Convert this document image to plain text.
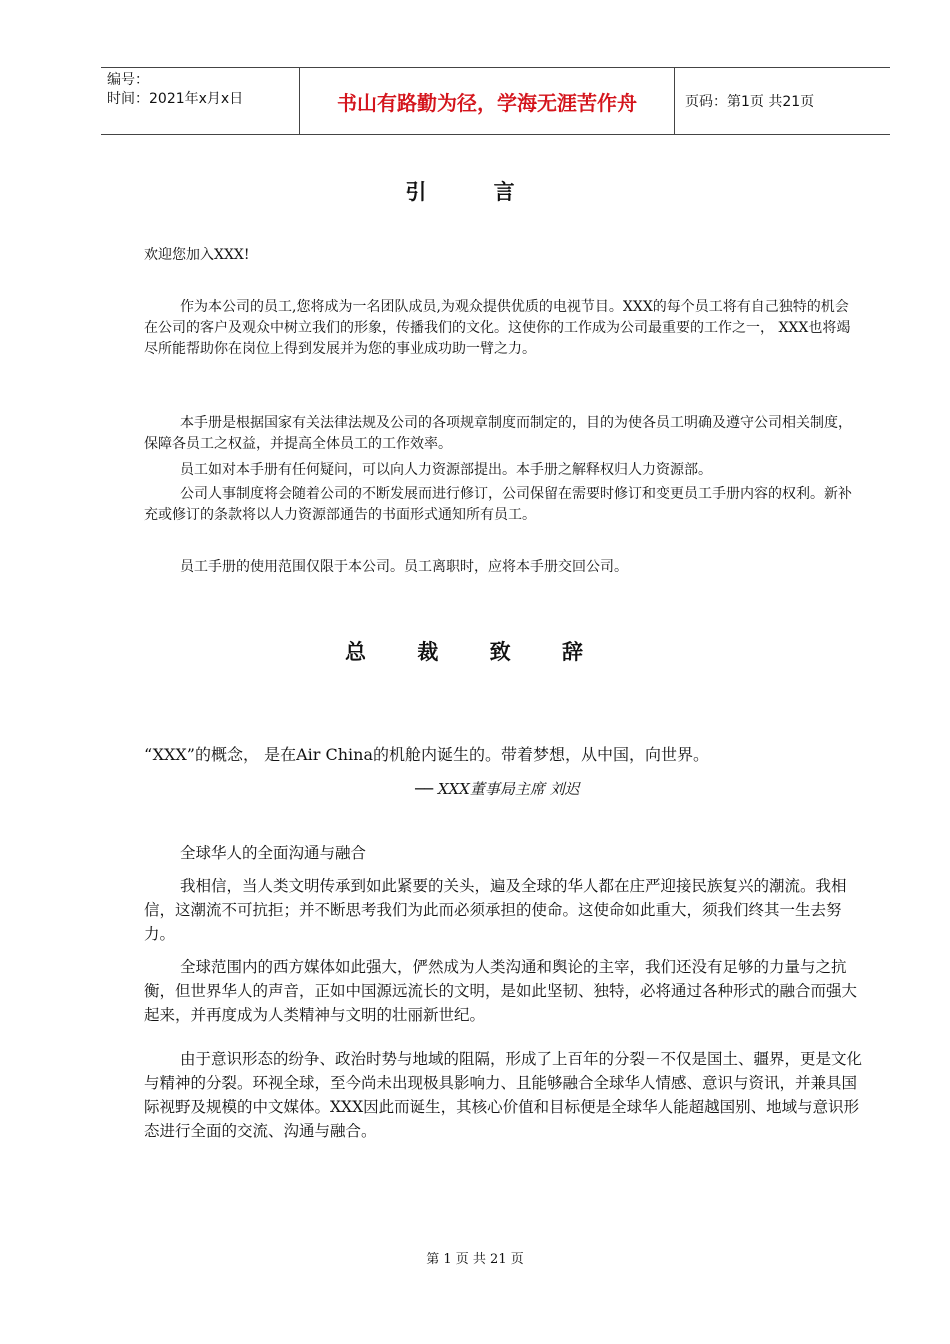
编号：
时间：2021年x月x日	书山有路勤为径，学海无涯苦作舟	页码：第1页 共21页
引 言

欢迎您加入XXX!

作为本公司的员工,您将成为一名团队成员,为观众提供优质的电视节目。XXX的每个员工将有自己独特的机会在公司的客户及观众中树立我们的形象，传播我们的文化。这使你的工作成为公司最重要的工作之一， XXX也将竭尽所能帮助你在岗位上得到发展并为您的事业成功助一臂之力。

本手册是根据国家有关法律法规及公司的各项规章制度而制定的，目的为使各员工明确及遵守公司相关制度，保障各员工之权益，并提高全体员工的工作效率。

员工如对本手册有任何疑问，可以向人力资源部提出。本手册之解释权归人力资源部。

公司人事制度将会随着公司的不断发展而进行修订，公司保留在需要时修订和变更员工手册内容的权利。新补充或修订的条款将以人力资源部通告的书面形式通知所有员工。

员工手册的使用范围仅限于本公司。员工离职时，应将本手册交回公司。

总 裁 致 辞
“XXX”的概念， 是在Air China的机舱内诞生的。带着梦想，从中国，向世界。
── XXX董事局主席 刘迟

全球华人的全面沟通与融合

我相信，当人类文明传承到如此紧要的关头，遍及全球的华人都在庄严迎接民族复兴的潮流。我相信，这潮流不可抗拒；并不断思考我们为此而必须承担的使命。这使命如此重大，须我们终其一生去努力。

全球范围内的西方媒体如此强大，俨然成为人类沟通和舆论的主宰，我们还没有足够的力量与之抗衡，但世界华人的声音，正如中国源远流长的文明，是如此坚韧、独特，必将通过各种形式的融合而强大起来，并再度成为人类精神与文明的壮丽新世纪。

由于意识形态的纷争、政治时势与地域的阻隔，形成了上百年的分裂－不仅是国土、疆界，更是文化与精神的分裂。环视全球，至今尚未出现极具影响力、且能够融合全球华人情感、意识与资讯，并兼具国际视野及规模的中文媒体。XXX因此而诞生，其核心价值和目标便是全球华人能超越国别、地域与意识形态进行全面的交流、沟通与融合。

第 1 页 共 21 页
